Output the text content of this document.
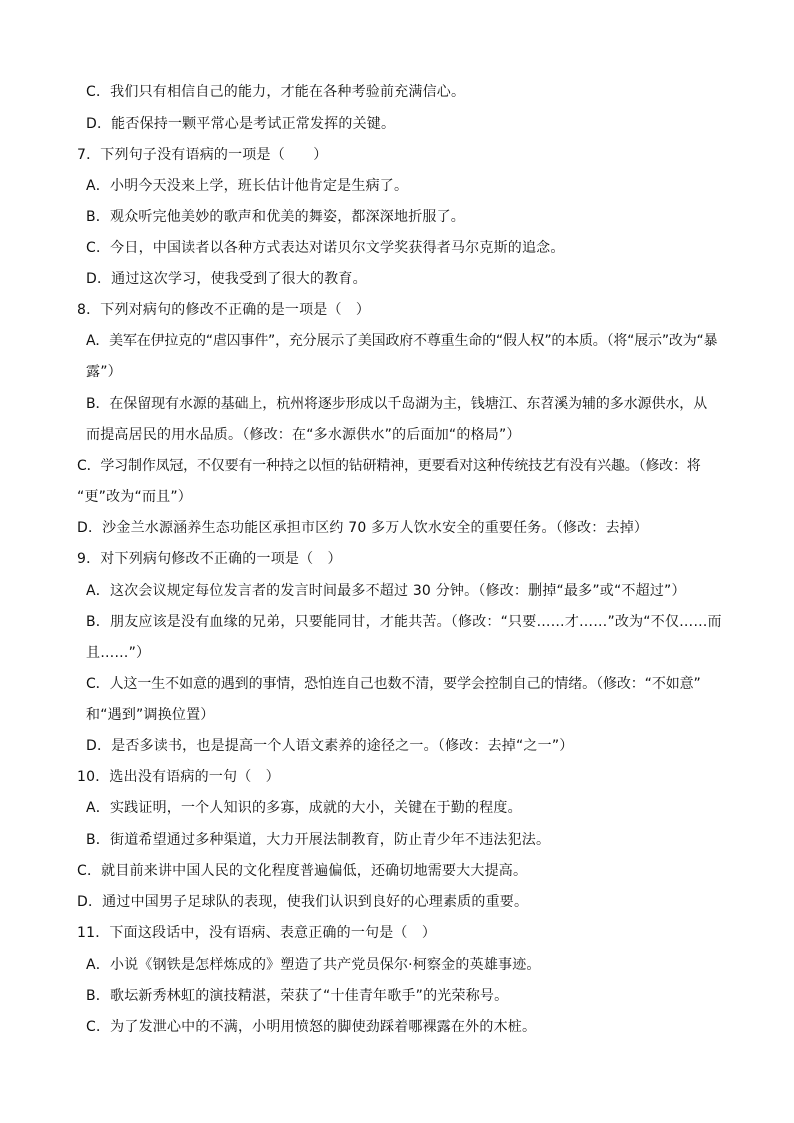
C．我们只有相信自己的能力，才能在各种考验前充满信心。
D．能否保持一颗平常心是考试正常发挥的关键。
7．下列句子没有语病的一项是（　　）
A．小明今天没来上学，班长估计他肯定是生病了。
B．观众听完他美妙的歌声和优美的舞姿，都深深地折服了。
C．今日，中国读者以各种方式表达对诺贝尔文学奖获得者马尔克斯的追念。
D．通过这次学习，使我受到了很大的教育。
8．下列对病句的修改不正确的是一项是（　）
A．美军在伊拉克的“虐囚事件”，充分展示了美国政府不尊重生命的“假人权”的本质。（将“展示”改为“暴
露”）
B．在保留现有水源的基础上，杭州将逐步形成以千岛湖为主，钱塘江、东苕溪为辅的多水源供水，从
而提高居民的用水品质。（修改：在“多水源供水”的后面加“的格局”）
C．学习制作凤冠，不仅要有一种持之以恒的钻研精神，更要看对这种传统技艺有没有兴趣。（修改：将
“更”改为“而且”）
D．沙金兰水源涵养生态功能区承担市区约 70 多万人饮水安全的重要任务。（修改：去掉）
9．对下列病句修改不正确的一项是（　）
A．这次会议规定每位发言者的发言时间最多不超过 30 分钟。（修改：删掉“最多”或“不超过”）
B．朋友应该是没有血缘的兄弟，只要能同甘，才能共苦。（修改：“只要……才……”改为“不仅……而
且……”）
C．人这一生不如意的遇到的事情，恐怕连自己也数不清，要学会控制自己的情绪。（修改：“不如意”
和“遇到”调换位置）
D．是否多读书，也是提高一个人语文素养的途径之一。（修改：去掉“之一”）
10．选出没有语病的一句（　）
A．实践证明，一个人知识的多寡，成就的大小，关键在于勤的程度。
B．街道希望通过多种渠道，大力开展法制教育，防止青少年不违法犯法。
C．就目前来讲中国人民的文化程度普遍偏低，还确切地需要大大提高。
D．通过中国男子足球队的表现，使我们认识到良好的心理素质的重要。
11．下面这段话中，没有语病、表意正确的一句是（　）
A．小说《钢铁是怎样炼成的》塑造了共产党员保尔·柯察金的英雄事迹。
B．歌坛新秀林虹的演技精湛，荣获了“十佳青年歌手”的光荣称号。
C．为了发泄心中的不满，小明用愤怒的脚使劲踩着哪裸露在外的木桩。
